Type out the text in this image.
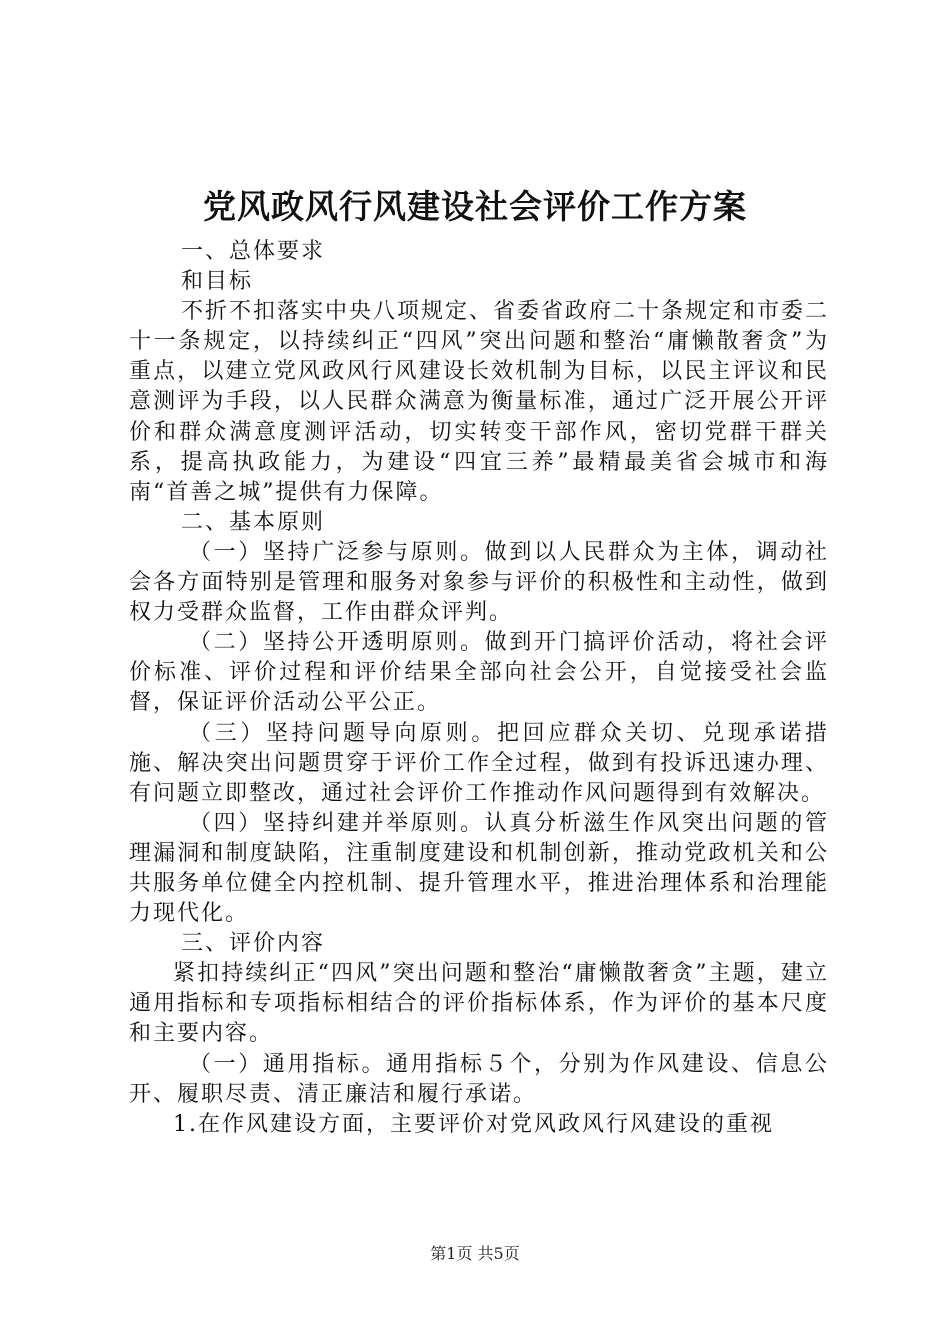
党风政风行风建设社会评价工作方案

一、总体要求

和目标

不折不扣落实中央八项规定、省委省政府二十条规定和市委二十一条规定，以持续纠正“四风”突出问题和整治“庸懒散奢贪”为重点，以建立党风政风行风建设长效机制为目标，以民主评议和民意测评为手段，以人民群众满意为衡量标准，通过广泛开展公开评价和群众满意度测评活动，切实转变干部作风，密切党群干群关系，提高执政能力，为建设“四宜三养”最精最美省会城市和海南“首善之城”提供有力保障。

二、基本原则

（一）坚持广泛参与原则。做到以人民群众为主体，调动社会各方面特别是管理和服务对象参与评价的积极性和主动性，做到权力受群众监督，工作由群众评判。

（二）坚持公开透明原则。做到开门搞评价活动，将社会评价标准、评价过程和评价结果全部向社会公开，自觉接受社会监督，保证评价活动公平公正。

（三）坚持问题导向原则。把回应群众关切、兑现承诺措施、解决突出问题贯穿于评价工作全过程，做到有投诉迅速办理、有问题立即整改，通过社会评价工作推动作风问题得到有效解决。

（四）坚持纠建并举原则。认真分析滋生作风突出问题的管理漏洞和制度缺陷，注重制度建设和机制创新，推动党政机关和公共服务单位健全内控机制、提升管理水平，推进治理体系和治理能力现代化。

三、评价内容

紧扣持续纠正“四风”突出问题和整治“庸懒散奢贪”主题，建立通用指标和专项指标相结合的评价指标体系，作为评价的基本尺度和主要内容。

（一）通用指标。通用指标５个，分别为作风建设、信息公开、履职尽责、清正廉洁和履行承诺。

1.在作风建设方面，主要评价对党风政风行风建设的重视

第1页 共5页
